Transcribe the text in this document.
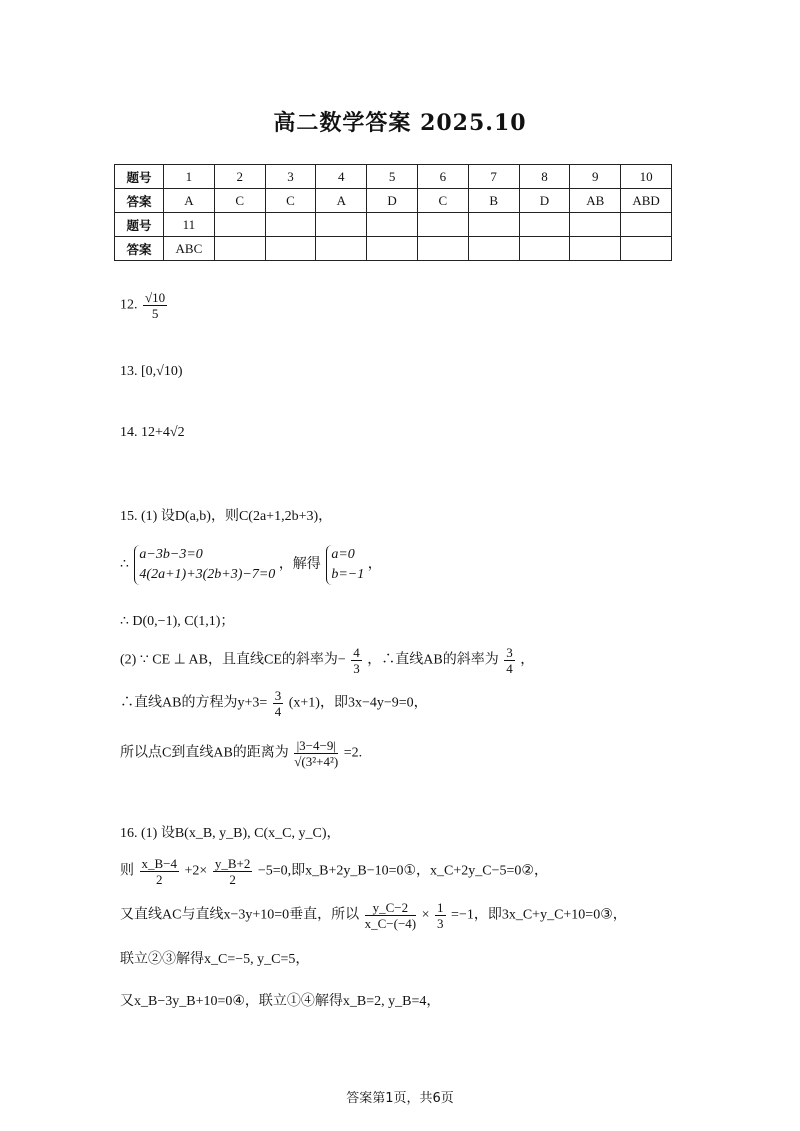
高二数学答案 2025.10
题号	1	2	3	4	5	6	7	8	9	10
答案	A	C	C	A	D	C	B	D	AB	ABD
题号	11									
答案	ABC									
12. $\frac{√10}{5}$
13. [0,√10)
14. 12+4√2
15. (1) 设D(a,b)，则C(2a+1,2b+3)，
∴
a−3b−3=0
4(2a+1)+3(2b+3)−7=0
，解得
a=0
b=−1
，
∴ D(0,−1), C(1,1)；
(2) ∵ CE ⊥ AB，且直线CE的斜率为− $\frac{4}{3}$ ，∴直线AB的斜率为 $\frac{3}{4}$ ，
∴直线AB的方程为$y+3= \frac{3}{4} (x+1)$，即3x−4y−9=0，
所以点C到直线AB的距离为 $\frac{|3-4-9|}{\text{√(3²+4²)}} =2$.
16. (1) 设B(x_B, y_B), C(x_C, y_C)，
则 $\frac{x\_B-4}{2} +2\times \frac{y\_B+2}{2} -5=0$,即x_B+2y_B−10=0①，x_C+2y_C−5=0②，
又直线AC与直线x−3y+10=0垂直，所以 $\frac{y\_C-2}{x\_C-(-4)} \times \frac{1}{3} =-1$，即3x_C+y_C+10=0③，
联立②③解得x_C=−5, y_C=5，
又x_B−3y_B+10=0④，联立①④解得x_B=2, y_B=4，
答案第1页，共6页
